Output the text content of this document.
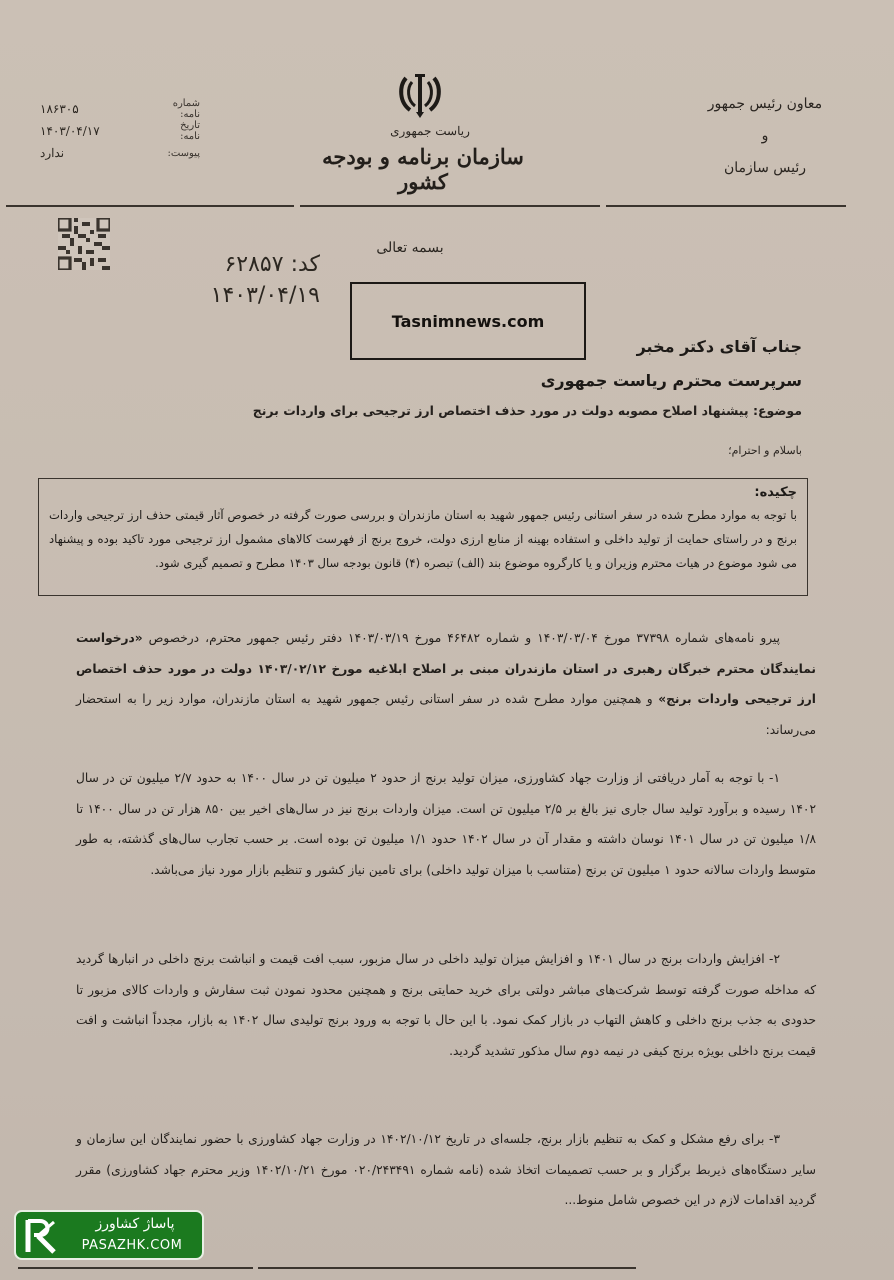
ریاست جمهوری
سازمان برنامه و بودجه کشور
معاون رئیس جمهور
و
رئیس سازمان
۱۸۶۳۰۵	شماره نامه:
۱۴۰۳/۰۴/۱۷	تاریخ نامه:
ندارد	پیوست:
کد: ۶۲۸۵۷
۱۴۰۳/۰۴/۱۹
بسمه تعالی
Tasnimnews.com
جناب آقای دکتر مخبر
سرپرست محترم ریاست جمهوری
موضوع: پیشنهاد اصلاح مصوبه دولت در مورد حذف اختصاص ارز ترجیحی برای واردات برنج
باسلام و احترام؛
چکیده:
با توجه به موارد مطرح شده در سفر استانی رئیس جمهور شهید به استان مازندران و بررسی صورت گرفته در خصوص آثار قیمتی حذف ارز ترجیحی واردات برنج و در راستای حمایت از تولید داخلی و استفاده بهینه از منابع ارزی دولت، خروج برنج از فهرست کالاهای مشمول ارز ترجیحی مورد تاکید بوده و پیشنهاد می شود موضوع در هیات محترم وزیران و یا کارگروه موضوع بند (الف) تبصره (۴) قانون بودجه سال ۱۴۰۳ مطرح و تصمیم گیری شود.
پیرو نامه‌های شماره ۳۷۳۹۸ مورخ ۱۴۰۳/۰۳/۰۴ و شماره ۴۶۴۸۲ مورخ ۱۴۰۳/۰۳/۱۹ دفتر رئیس جمهور محترم، درخصوص «درخواست نمایندگان محترم خبرگان رهبری در استان مازندران مبنی بر اصلاح ابلاغیه مورخ ۱۴۰۳/۰۲/۱۲ دولت در مورد حذف اختصاص ارز ترجیحی واردات برنج» و همچنین موارد مطرح شده در سفر استانی رئیس جمهور شهید به استان مازندران، موارد زیر را به استحضار می‌رساند:
۱- با توجه به آمار دریافتی از وزارت جهاد کشاورزی، میزان تولید برنج از حدود ۲ میلیون تن در سال ۱۴۰۰ به حدود ۲/۷ میلیون تن در سال ۱۴۰۲ رسیده و برآورد تولید سال جاری نیز بالغ بر ۲/۵ میلیون تن است. میزان واردات برنج نیز در سال‌های اخیر بین ۸۵۰ هزار تن در سال ۱۴۰۰ تا ۱/۸ میلیون تن در سال ۱۴۰۱ نوسان داشته و مقدار آن در سال ۱۴۰۲ حدود ۱/۱ میلیون تن بوده است. بر حسب تجارب سال‌های گذشته، به طور متوسط واردات سالانه حدود ۱ میلیون تن برنج (متناسب با میزان تولید داخلی) برای تامین نیاز کشور و تنظیم بازار مورد نیاز می‌باشد.
۲- افزایش واردات برنج در سال ۱۴۰۱ و افزایش میزان تولید داخلی در سال مزبور، سبب افت قیمت و انباشت برنج داخلی در انبارها گردید که مداخله صورت گرفته توسط شرکت‌های مباشر دولتی برای خرید حمایتی برنج و همچنین محدود نمودن ثبت سفارش و واردات کالای مزبور تا حدودی به جذب برنج داخلی و کاهش التهاب در بازار کمک نمود. با این حال با توجه به ورود برنج تولیدی سال ۱۴۰۲ به بازار، مجدداً انباشت و افت قیمت برنج داخلی بویژه برنج کیفی در نیمه دوم سال مذکور تشدید گردید.
۳- برای رفع مشکل و کمک به تنظیم بازار برنج، جلسه‌ای در تاریخ ۱۴۰۲/۱۰/۱۲ در وزارت جهاد کشاورزی با حضور نمایندگان این سازمان و سایر دستگاه‌های ذیربط برگزار و بر حسب تصمیمات اتخاذ شده (نامه شماره ۰۲۰/۲۴۳۴۹۱ مورخ ۱۴۰۲/۱۰/۲۱ وزیر محترم جهاد کشاورزی) مقرر گردید اقدامات لازم در این خصوص شامل منوط...
پاساژ کشاورز
PASAZHK.COM
